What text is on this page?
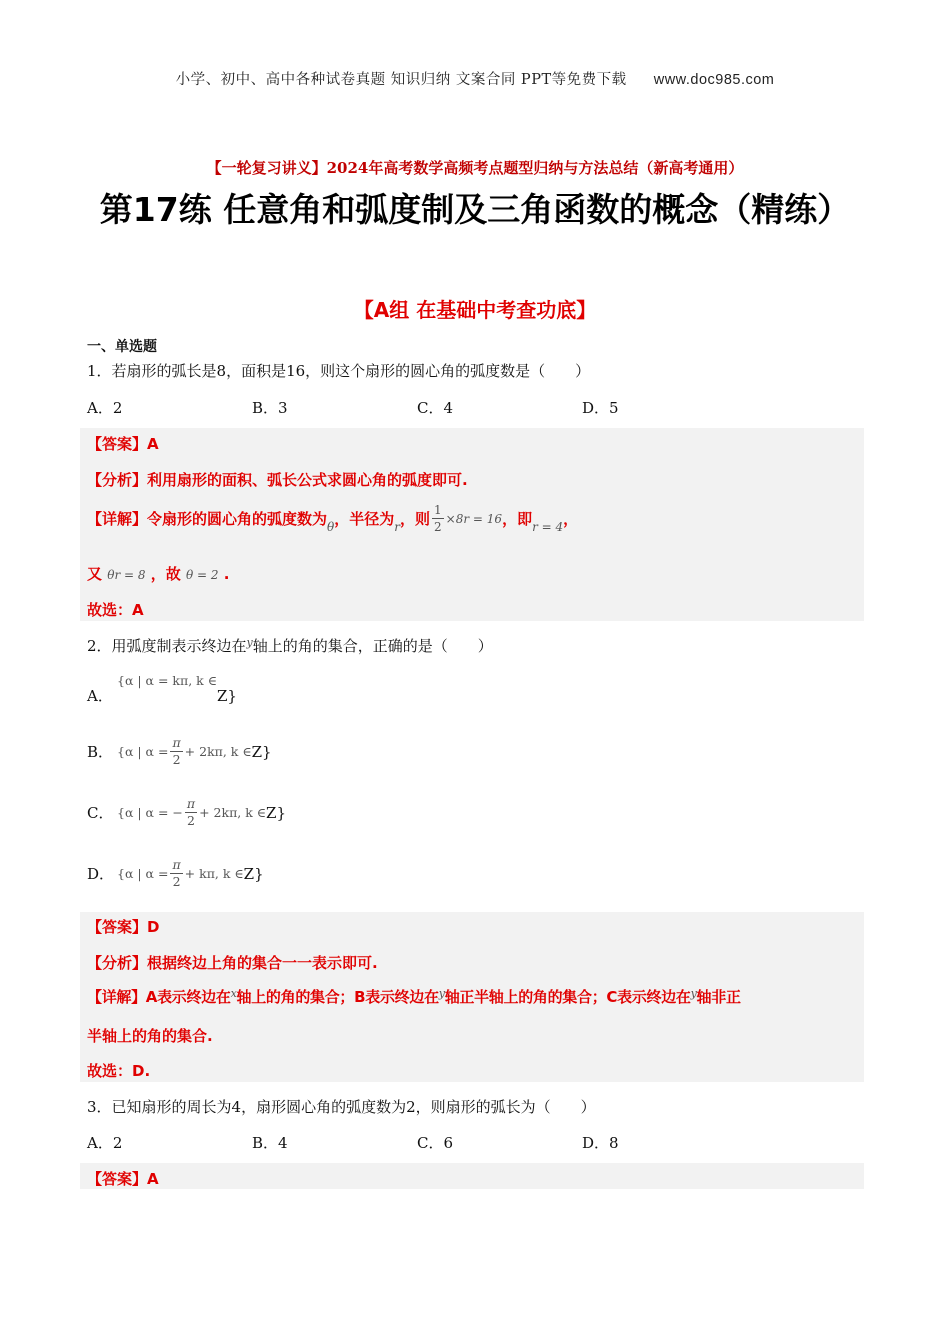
小学、初中、高中各种试卷真题 知识归纳 文案合同 PPT等免费下载 www.doc985.com
【一轮复习讲义】2024年高考数学高频考点题型归纳与方法总结（新高考通用）
第17练 任意角和弧度制及三角函数的概念（精练）
【A组 在基础中考查功底】
一、单选题
1．若扇形的弧长是8，面积是16，则这个扇形的圆心角的弧度数是（　　）
A．2	B．3	C．4	D．5
【答案】A
【分析】利用扇形的面积、弧长公式求圆心角的弧度即可.
【详解】令扇形的圆心角的弧度数为 θ ，半径为 r ，则 $\frac{1}{2} \times 8r = 16$ ，即 r = 4 ，
又 θr = 8 ，故 θ = 2 .
故选：A
2．用弧度制表示终边在$^y$轴上的角的集合，正确的是（　　）
A．
{α | α = kπ, k ∈
Z}
B． {α | $\alpha = \frac{\pi}{2} + 2k\pi$, k ∈ Z}
C． {α | α = − $\frac{\pi}{2} + 2k\pi$, k ∈ Z}
D． {α | $\alpha = \frac{\pi}{2} + k\pi$, k ∈ Z}
【答案】D
【分析】根据终边上角的集合一一表示即可.
【详解】A表示终边在$^x$轴上的角的集合；B表示终边在$^y$轴正半轴上的角的集合；C表示终边在$^y$轴非正
半轴上的角的集合.
故选：D.
3．已知扇形的周长为4，扇形圆心角的弧度数为2，则扇形的弧长为（　　）
A．2	B．4	C．6	D．8
【答案】A
